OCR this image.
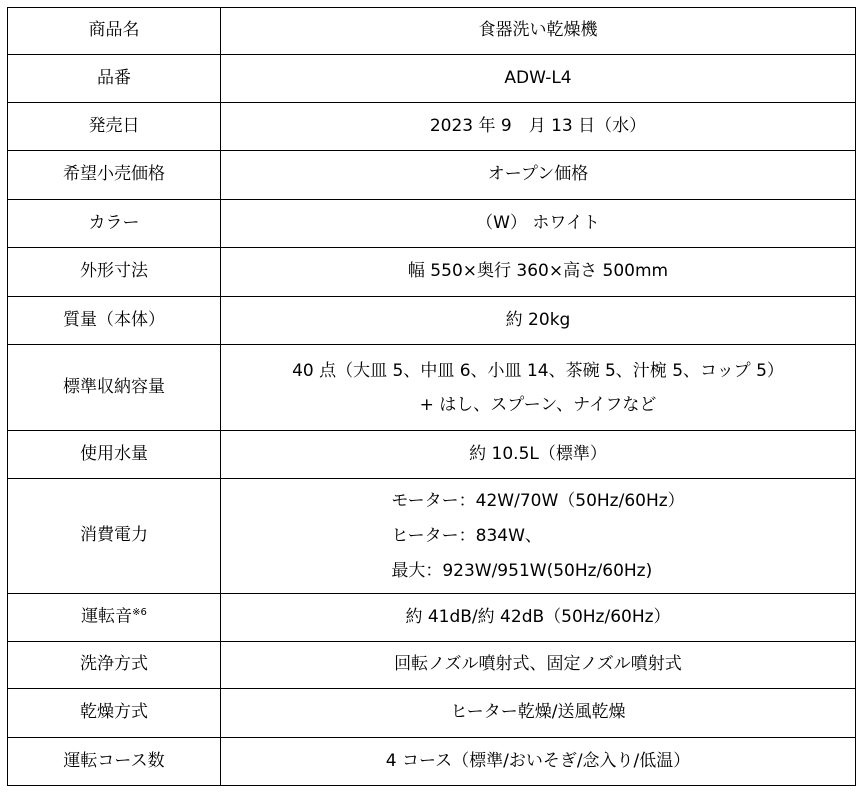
商品名	食器洗い乾燥機
品番	ADW-L4
発売日	2023 年 9　月 13 日（水）
希望小売価格	オープン価格
カラー	（W） ホワイト
外形寸法	幅 550×奥行 360×高さ 500mm
質量（本体）	約 20kg
標準収納容量	40 点（大皿 5、中皿 6、小皿 14、茶碗 5、汁椀 5、コップ 5）
+ はし、スプーン、ナイフなど

使用水量	約 10.5L（標準）
消費電力	モーター：42W/70W（50Hz/60Hz）
ヒーター：834W、
最大：923W/951W(50Hz/60Hz)

運転音$^{※6}$	約 41dB/約 42dB（50Hz/60Hz）
洗浄方式	回転ノズル噴射式、固定ノズル噴射式
乾燥方式	ヒーター乾燥/送風乾燥
運転コース数	4 コース（標準/おいそぎ/念入り/低温）
